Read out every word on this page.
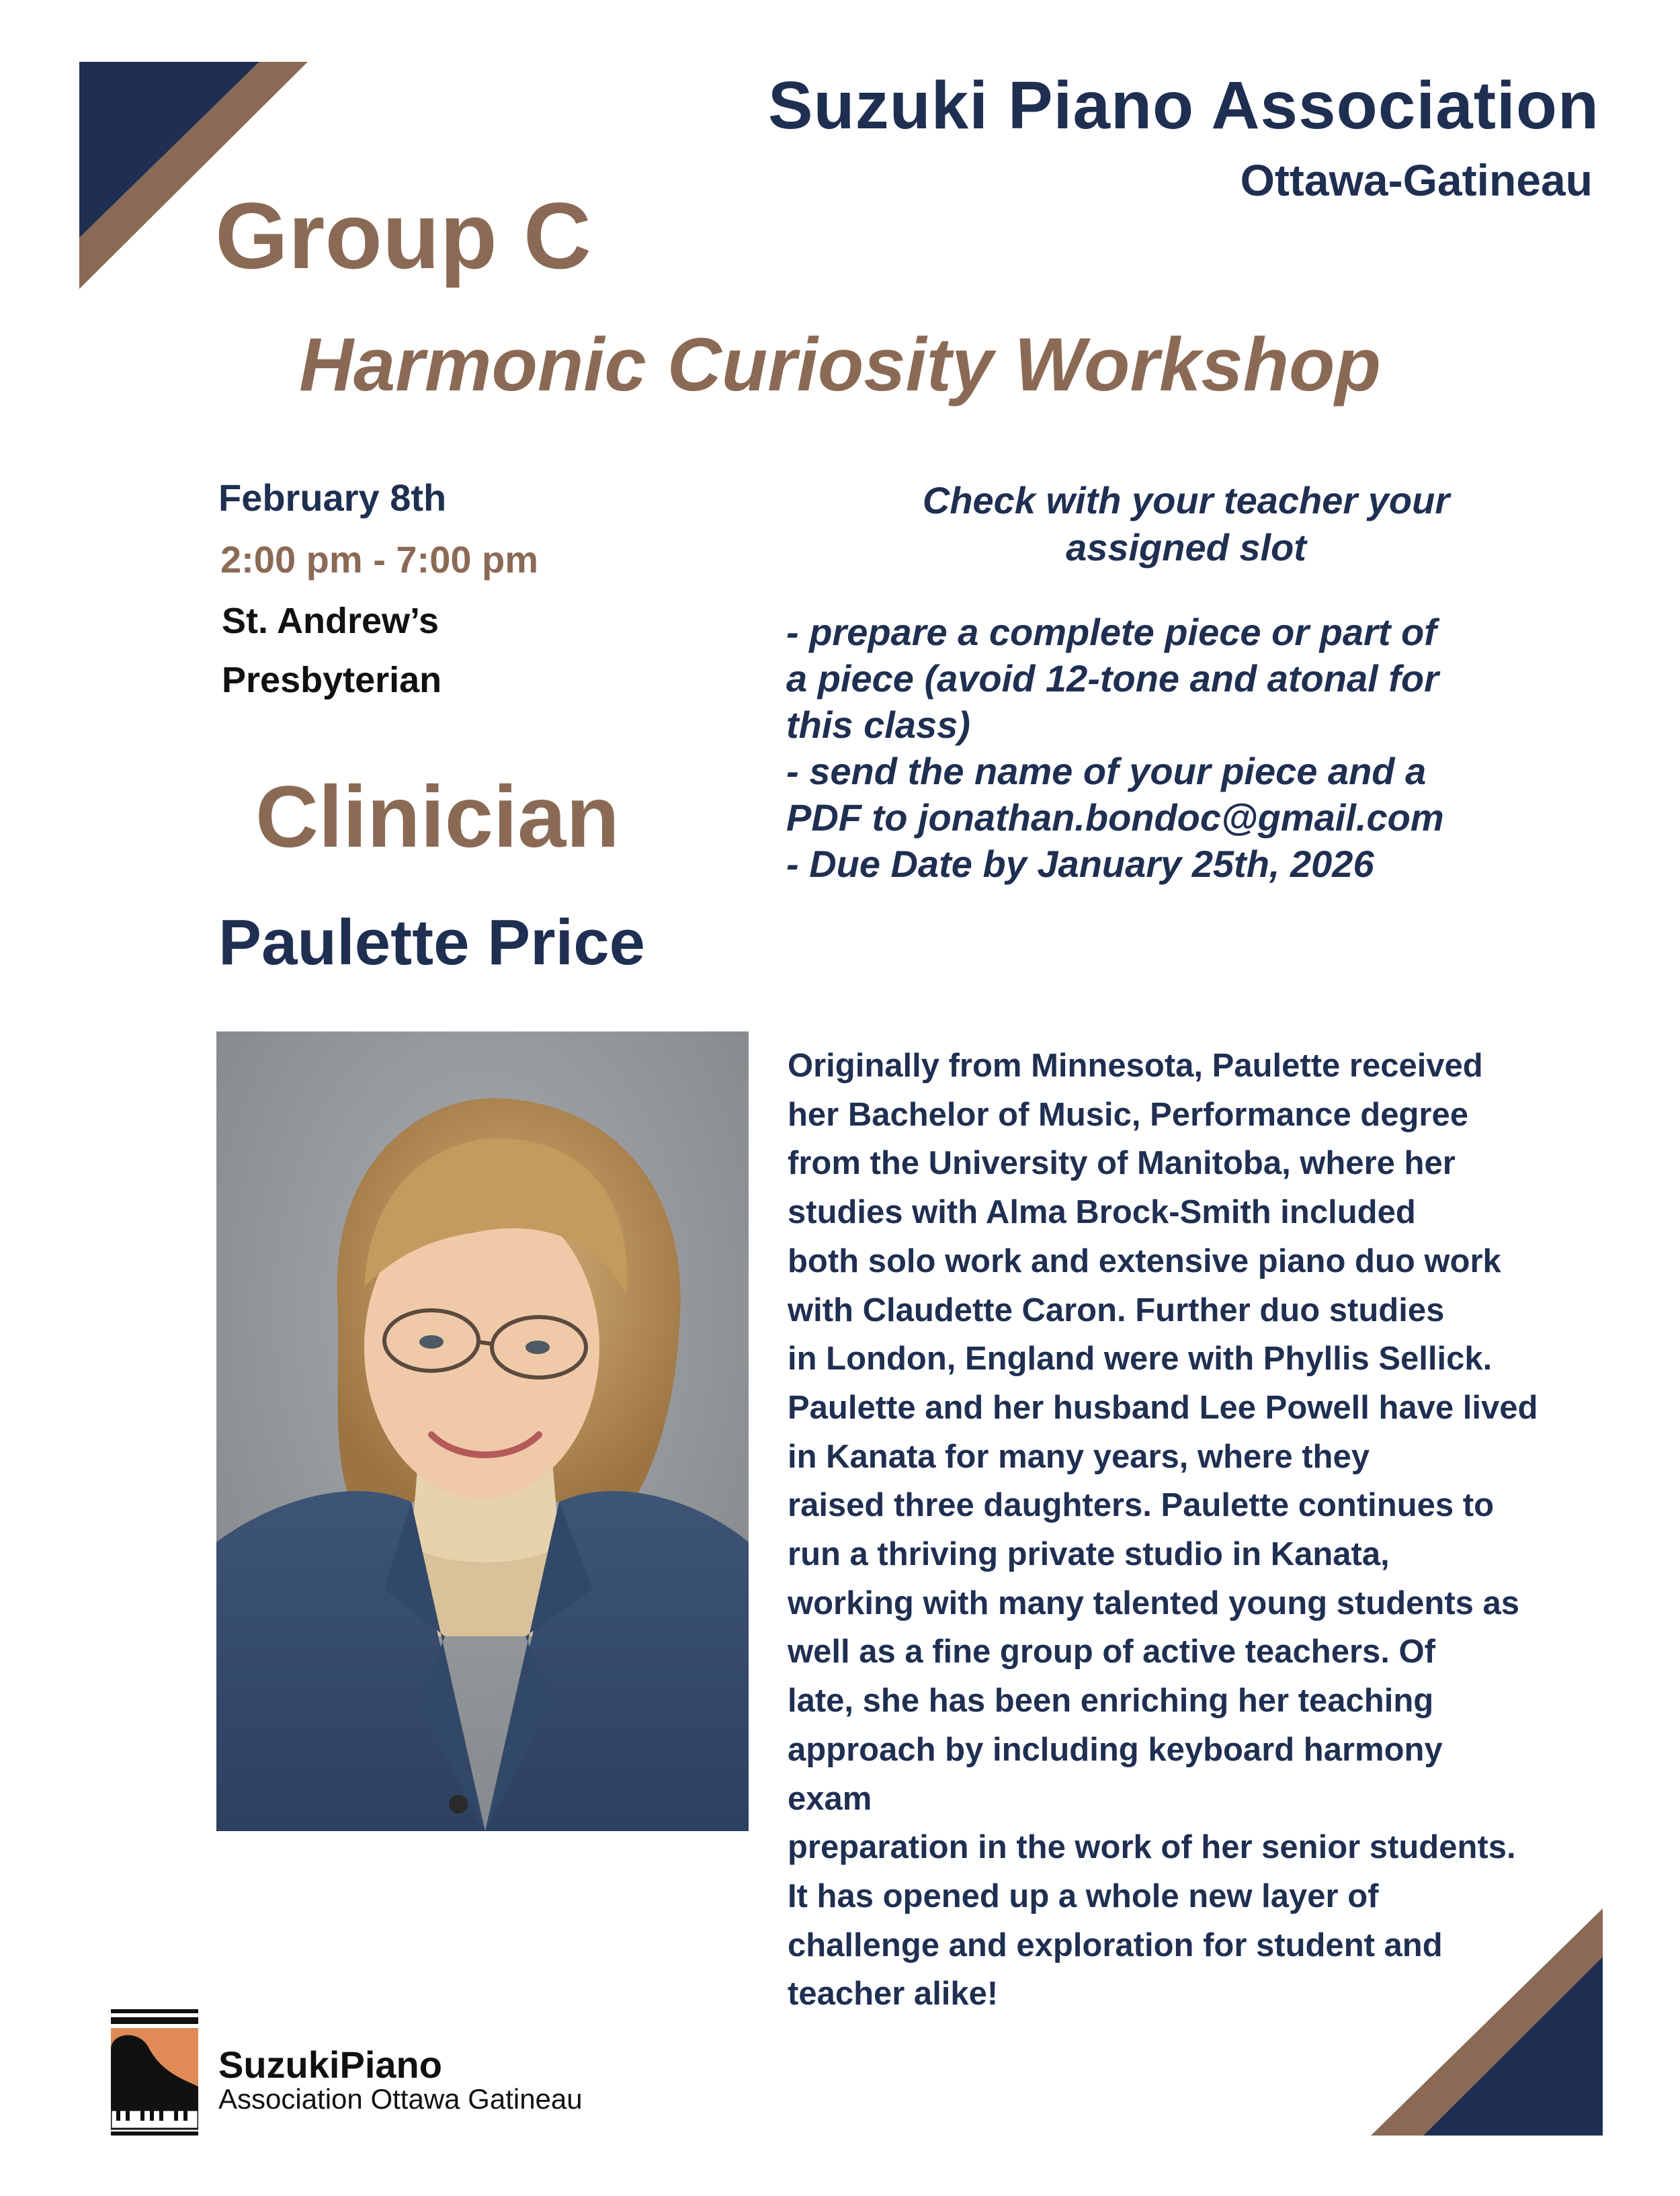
Suzuki Piano Association
Ottawa-Gatineau
Group C
Harmonic Curiosity Workshop
February 8th
2:00 pm - 7:00 pm
St. Andrew’s
Presbyterian
Check with your teacher your
assigned slot
- prepare a complete piece or part of
a piece (avoid 12-tone and atonal for
this class)
- send the name of your piece and a
PDF to jonathan.bondoc@gmail.com
- Due Date by January 25th, 2026
Clinician
Paulette Price
Originally from Minnesota, Paulette received
her Bachelor of Music, Performance degree
from the University of Manitoba, where her
studies with Alma Brock-Smith included
both solo work and extensive piano duo work
with Claudette Caron. Further duo studies
in London, England were with Phyllis Sellick.
Paulette and her husband Lee Powell have lived
in Kanata for many years, where they
raised three daughters. Paulette continues to
run a thriving private studio in Kanata,
working with many talented young students as
well as a fine group of active teachers. Of
late, she has been enriching her teaching
approach by including keyboard harmony
exam
preparation in the work of her senior students.
It has opened up a whole new layer of
challenge and exploration for student and
teacher alike!
SuzukiPiano
Association Ottawa Gatineau
